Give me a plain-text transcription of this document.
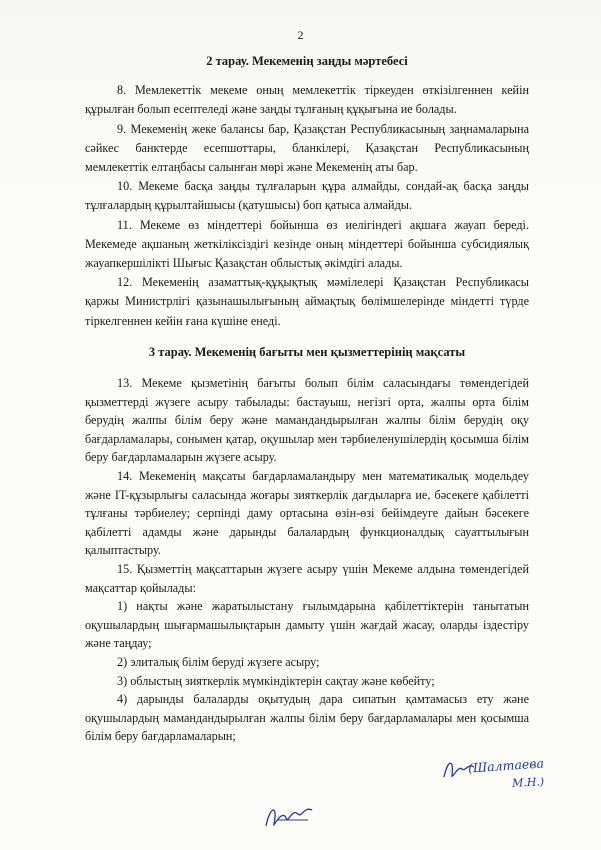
2
2 тарау. Мекеменің заңды мәртебесі

8. Мемлекеттік мекеме оның мемлекеттік тіркеуден өткізілгеннен кейін құрылған болып есептеледі және заңды тұлғаның құқығына ие болады.

9. Мекеменің жеке балансы бар, Қазақстан Республикасының заңнамаларына сәйкес банктерде есепшоттары, бланкілері, Қазақстан Республикасының мемлекеттік елтаңбасы салынған мөрі және Мекеменің аты бар.

10. Мекеме басқа заңды тұлғаларын құра алмайды, сондай-ақ басқа заңды тұлғалардың құрылтайшысы (қатушысы) боп қатыса алмайды.

11. Мекеме өз міндеттері бойынша өз иелігіндегі ақшаға жауап береді. Мекемеде ақшаның жеткіліксіздігі кезінде оның міндеттері бойынша субсидиялық жауапкершілікті Шығыс Қазақстан облыстық әкімдігі алады.

12. Мекеменің азаматтық-құқықтық мәмілелері Қазақстан Республикасы қаржы Министрлігі қазынашылығының аймақтық бөлімшелерінде міндетті түрде тіркелгеннен кейін ғана күшіне енеді.

3 тарау. Мекеменің бағыты мен қызметтерінің мақсаты

13. Мекеме қызметінің бағыты болып білім саласындағы төмендегідей қызметтерді жүзеге асыру табылады: бастауыш, негізгі орта, жалпы орта білім берудің жалпы білім беру және мамандандырылған жалпы білім берудің оқу бағдарламалары, сонымен қатар, оқушылар мен тәрбиеленушілердің қосымша білім беру бағдарламаларын жүзеге асыру.

14. Мекеменің мақсаты бағдарламаландыру мен математикалық модельдеу және IT-құзырлығы саласында жоғары зияткерлік дағдыларға ие, бәсекеге қабілетті тұлғаны тәрбиелеу; серпінді даму ортасына өзін-өзі бейімдеуге дайын бәсекеге қабілетті адамды және дарынды балалардың функционалдық сауаттылығын қалыптастыру.

15. Қызметтің мақсаттарын жүзеге асыру үшін Мекеме алдына төмендегідей мақсаттар қойылады:

1) нақты және жаратылыстану ғылымдарына қабілеттіктерін танытатын оқушылардың шығармашылықтарын дамыту үшін жағдай жасау, оларды іздестіру және таңдау;

2) элиталық білім беруді жүзеге асыру;

3) облыстың зияткерлік мүмкіндіктерін сақтау және көбейту;

4) дарынды балаларды оқытудың дара сипатын қамтамасыз ету және оқушылардың мамандандырылған жалпы білім беру бағдарламалары мен қосымша білім беру бағдарламаларын;

(Шалтаева
М.Н.)
